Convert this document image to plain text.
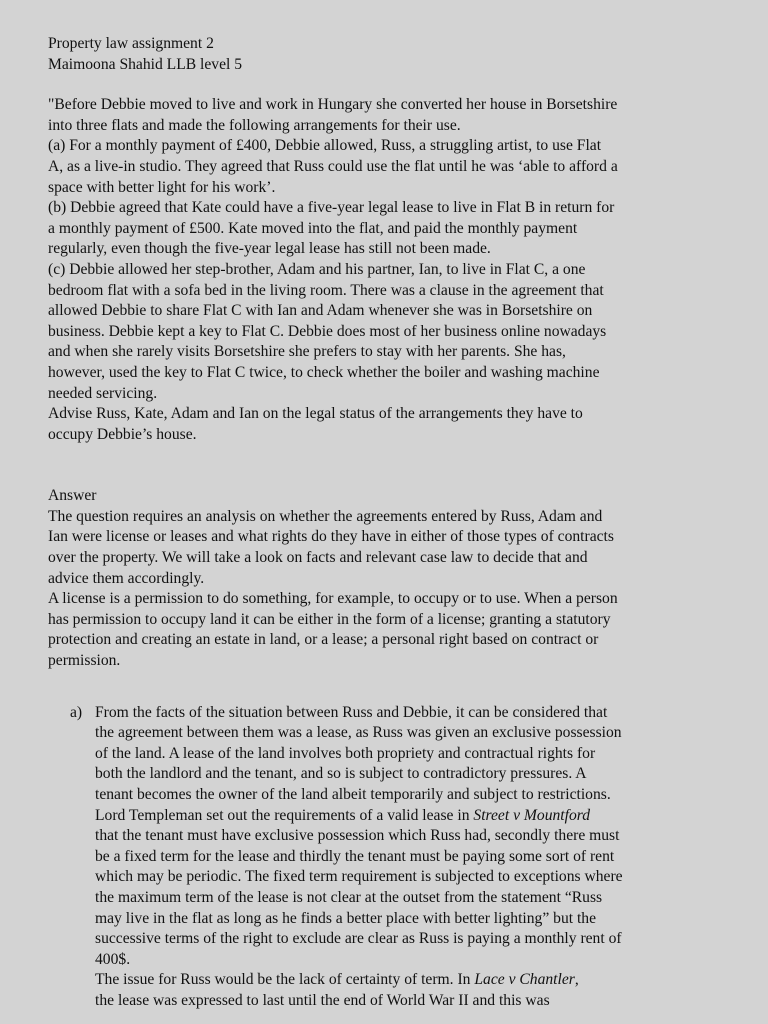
Property law assignment 2
Maimoona Shahid LLB level 5
"Before Debbie moved to live and work in Hungary she converted her house in Borsetshire
into three flats and made the following arrangements for their use.
(a) For a monthly payment of £400, Debbie allowed, Russ, a struggling artist, to use Flat
A, as a live-in studio. They agreed that Russ could use the flat until he was ‘able to afford a
space with better light for his work’.
(b) Debbie agreed that Kate could have a five-year legal lease to live in Flat B in return for
a monthly payment of £500. Kate moved into the flat, and paid the monthly payment
regularly, even though the five-year legal lease has still not been made.
(c) Debbie allowed her step-brother, Adam and his partner, Ian, to live in Flat C, a one
bedroom flat with a sofa bed in the living room. There was a clause in the agreement that
allowed Debbie to share Flat C with Ian and Adam whenever she was in Borsetshire on
business. Debbie kept a key to Flat C. Debbie does most of her business online nowadays
and when she rarely visits Borsetshire she prefers to stay with her parents. She has,
however, used the key to Flat C twice, to check whether the boiler and washing machine
needed servicing.
Advise Russ, Kate, Adam and Ian on the legal status of the arrangements they have to
occupy Debbie’s house.
Answer
The question requires an analysis on whether the agreements entered by Russ, Adam and
Ian were license or leases and what rights do they have in either of those types of contracts
over the property. We will take a look on facts and relevant case law to decide that and
advice them accordingly.
A license is a permission to do something, for example, to occupy or to use. When a person
has permission to occupy land it can be either in the form of a license; granting a statutory
protection and creating an estate in land, or a lease; a personal right based on contract or
permission.
a) From the facts of the situation between Russ and Debbie, it can be considered that
the agreement between them was a lease, as Russ was given an exclusive possession
of the land. A lease of the land involves both propriety and contractual rights for
both the landlord and the tenant, and so is subject to contradictory pressures. A
tenant becomes the owner of the land albeit temporarily and subject to restrictions.
Lord Templeman set out the requirements of a valid lease in Street v Mountford
that the tenant must have exclusive possession which Russ had, secondly there must
be a fixed term for the lease and thirdly the tenant must be paying some sort of rent
which may be periodic. The fixed term requirement is subjected to exceptions where
the maximum term of the lease is not clear at the outset from the statement “Russ
may live in the flat as long as he finds a better place with better lighting” but the
successive terms of the right to exclude are clear as Russ is paying a monthly rent of
400$.
The issue for Russ would be the lack of certainty of term. In Lace v Chantler,
the lease was expressed to last until the end of World War II and this was
